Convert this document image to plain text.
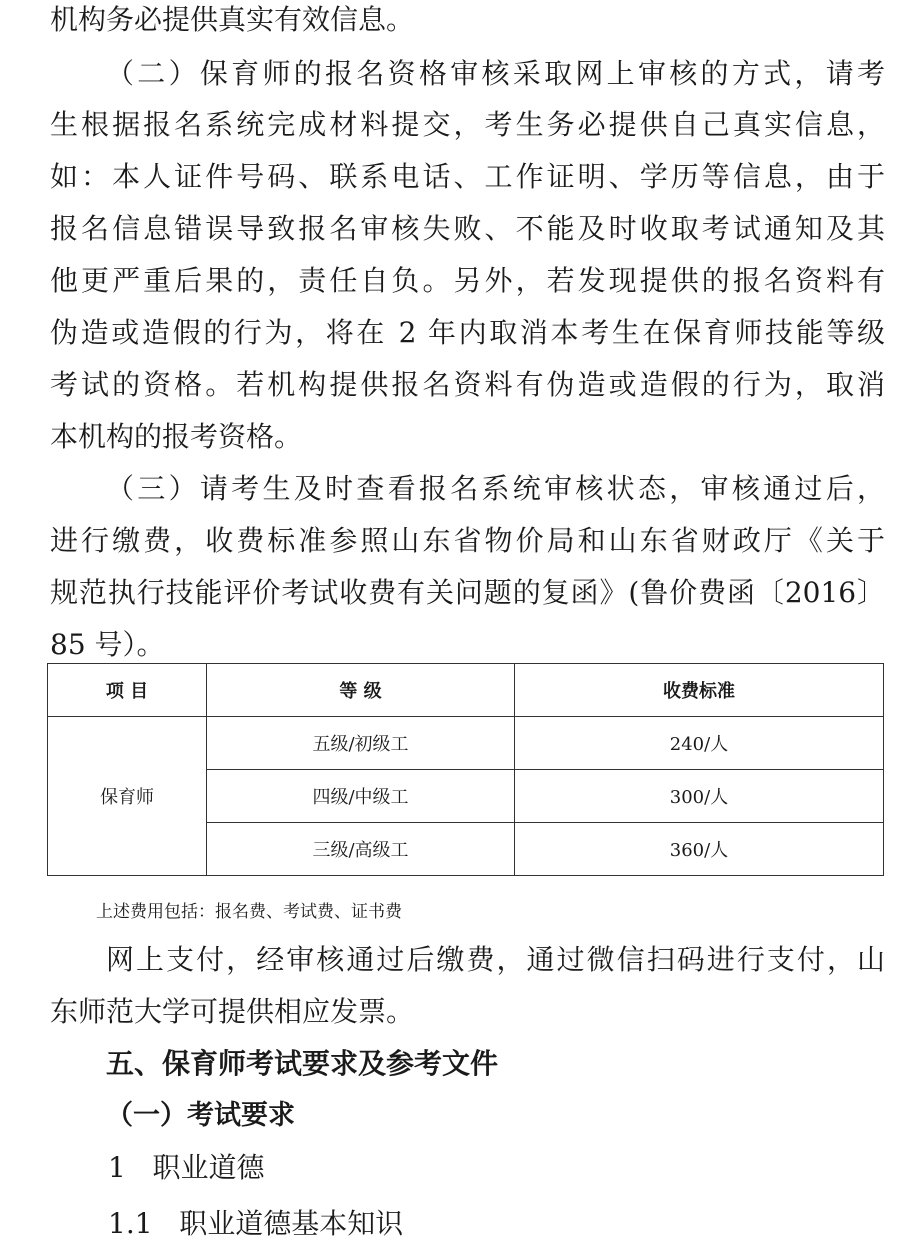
机构务必提供真实有效信息。
（二）保育师的报名资格审核采取网上审核的方式，请考
生根据报名系统完成材料提交，考生务必提供自己真实信息，
如：本人证件号码、联系电话、工作证明、学历等信息，由于
报名信息错误导致报名审核失败、不能及时收取考试通知及其
他更严重后果的，责任自负。另外，若发现提供的报名资料有
伪造或造假的行为，将在 2 年内取消本考生在保育师技能等级
考试的资格。若机构提供报名资料有伪造或造假的行为，取消
本机构的报考资格。
（三）请考生及时查看报名系统审核状态，审核通过后，
进行缴费，收费标准参照山东省物价局和山东省财政厅《关于
规范执行技能评价考试收费有关问题的复函》(鲁价费函〔2016〕
85 号）。
项 目	等 级	收费标准
保育师	五级/初级工	240/人
	四级/中级工	300/人
	三级/高级工	360/人
上述费用包括：报名费、考试费、证书费
网上支付，经审核通过后缴费，通过微信扫码进行支付，山
东师范大学可提供相应发票。
五、保育师考试要求及参考文件
（一）考试要求
1   职业道德
1.1   职业道德基本知识
